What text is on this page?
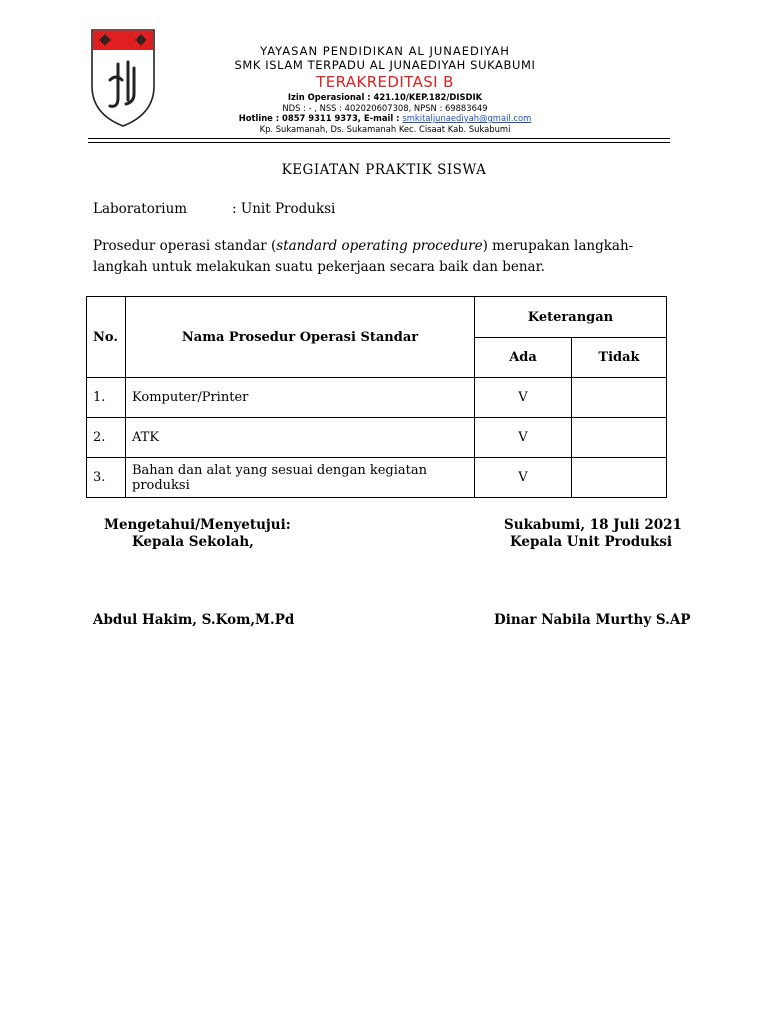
YAYASAN PENDIDIKAN AL JUNAEDIYAH
SMK ISLAM TERPADU AL JUNAEDIYAH SUKABUMI
TERAKREDITASI B
Izin Operasional : 421.10/KEP.182/DISDIK
NDS : - , NSS : 402020607308, NPSN : 69883649
Hotline : 0857 9311 9373, E-mail : smkitaljunaediyah@gmail.com
Kp. Sukamanah, Ds. Sukamanah Kec. Cisaat Kab. Sukabumi
KEGIATAN PRAKTIK SISWA
Laboratorium	: Unit Produksi
Prosedur operasi standar (standard operating procedure) merupakan langkah-langkah untuk melakukan suatu pekerjaan secara baik dan benar.
No.	Nama Prosedur Operasi Standar	Keterangan	
		Ada	Tidak
1.	Komputer/Printer	V	
2.	ATK	V	
3.	Bahan dan alat yang sesuai dengan kegiatan produksi	V	
Mengetahui/Menyetujui:
Kepala Sekolah,
Sukabumi, 18 Juli 2021
Kepala Unit Produksi
Abdul Hakim, S.Kom,M.Pd	Dinar Nabila Murthy S.AP
